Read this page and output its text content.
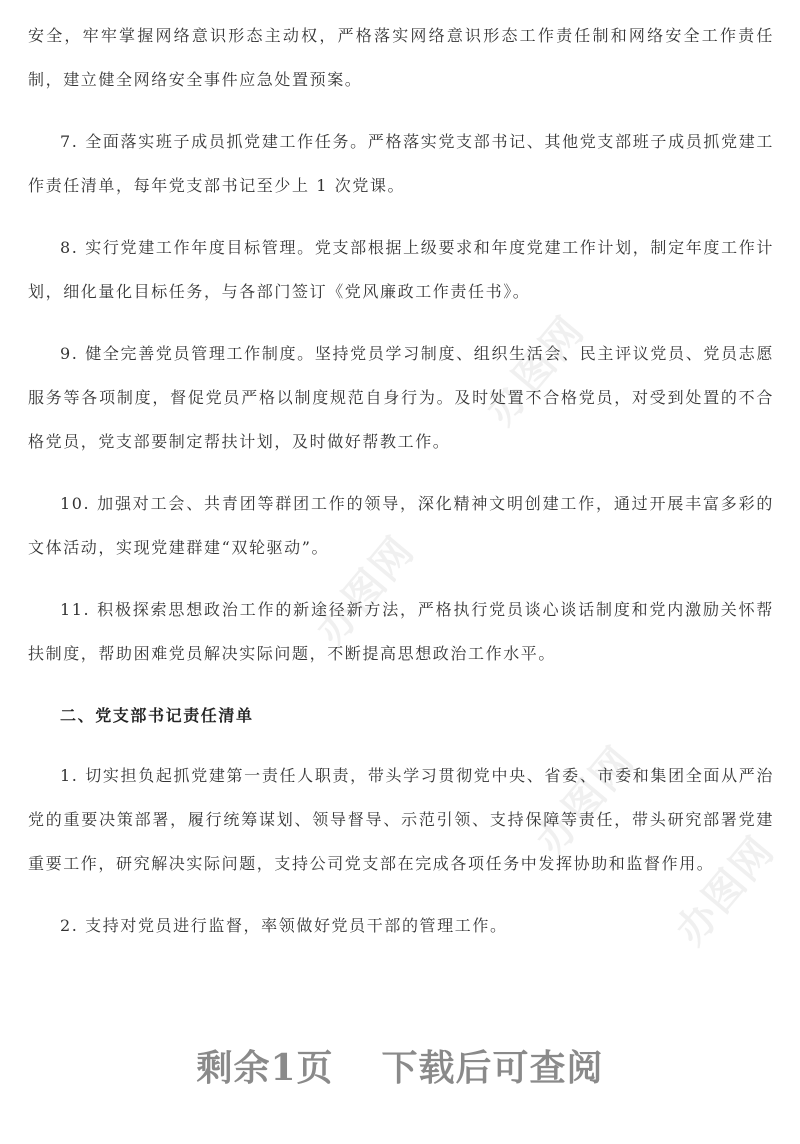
办图网
办图网
办图网
办图网

安全，牢牢掌握网络意识形态主动权，严格落实网络意识形态工作责任制和网络安全工作责任制，建立健全网络安全事件应急处置预案。

7. 全面落实班子成员抓党建工作任务。严格落实党支部书记、其他党支部班子成员抓党建工作责任清单，每年党支部书记至少上 1 次党课。

8. 实行党建工作年度目标管理。党支部根据上级要求和年度党建工作计划，制定年度工作计划，细化量化目标任务，与各部门签订《党风廉政工作责任书》。

9. 健全完善党员管理工作制度。坚持党员学习制度、组织生活会、民主评议党员、党员志愿服务等各项制度，督促党员严格以制度规范自身行为。及时处置不合格党员，对受到处置的不合格党员，党支部要制定帮扶计划，及时做好帮教工作。

10. 加强对工会、共青团等群团工作的领导，深化精神文明创建工作，通过开展丰富多彩的文体活动，实现党建群建“双轮驱动”。

11. 积极探索思想政治工作的新途径新方法，严格执行党员谈心谈话制度和党内激励关怀帮扶制度，帮助困难党员解决实际问题，不断提高思想政治工作水平。

二、党支部书记责任清单

1. 切实担负起抓党建第一责任人职责，带头学习贯彻党中央、省委、市委和集团全面从严治党的重要决策部署，履行统筹谋划、领导督导、示范引领、支持保障等责任，带头研究部署党建重要工作，研究解决实际问题，支持公司党支部在完成各项任务中发挥协助和监督作用。

2. 支持对党员进行监督，率领做好党员干部的管理工作。

剩余1页 下载后可查阅
